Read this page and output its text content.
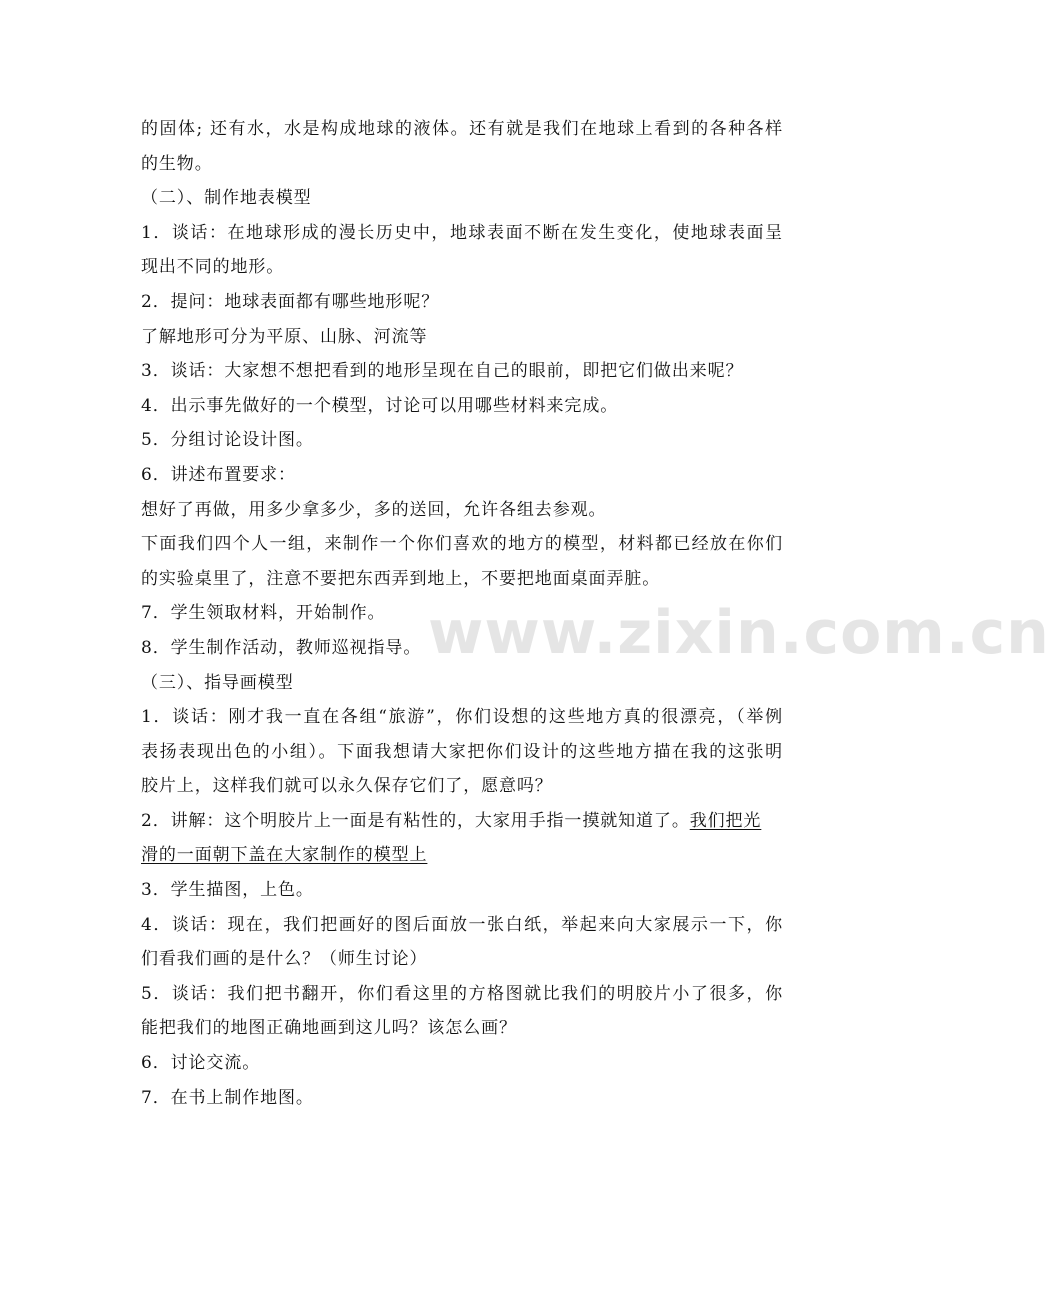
的固体; 还有水，水是构成地球的液体。还有就是我们在地球上看到的各种各样
的生物。
（二）、制作地表模型
1．谈话：在地球形成的漫长历史中，地球表面不断在发生变化，使地球表面呈
现出不同的地形。
2．提问：地球表面都有哪些地形呢？
了解地形可分为平原、山脉、河流等
3．谈话：大家想不想把看到的地形呈现在自己的眼前，即把它们做出来呢？
4．出示事先做好的一个模型，讨论可以用哪些材料来完成。
5．分组讨论设计图。
6．讲述布置要求：
想好了再做，用多少拿多少，多的送回，允许各组去参观。
下面我们四个人一组，来制作一个你们喜欢的地方的模型，材料都已经放在你们
的实验桌里了，注意不要把东西弄到地上，不要把地面桌面弄脏。
7．学生领取材料，开始制作。
8．学生制作活动，教师巡视指导。
（三）、指导画模型
1．谈话：刚才我一直在各组“旅游”，你们设想的这些地方真的很漂亮，（举例
表扬表现出色的小组）。下面我想请大家把你们设计的这些地方描在我的这张明
胶片上，这样我们就可以永久保存它们了，愿意吗？
2．讲解：这个明胶片上一面是有粘性的，大家用手指一摸就知道了。我们把光
滑的一面朝下盖在大家制作的模型上
3．学生描图，上色。
4．谈话：现在，我们把画好的图后面放一张白纸，举起来向大家展示一下，你
们看我们画的是什么？（师生讨论）
5．谈话：我们把书翻开，你们看这里的方格图就比我们的明胶片小了很多，你
能把我们的地图正确地画到这儿吗？该怎么画？
6．讨论交流。
7．在书上制作地图。
www.zixin.com.cn
